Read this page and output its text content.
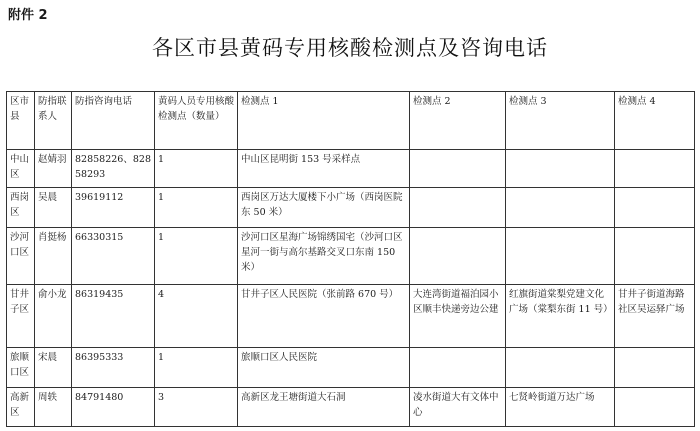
附件 2
各区市县黄码专用核酸检测点及咨询电话
区市县	防指联系人	防指咨询电话	黄码人员专用核酸检测点（数量）	检测点 1	检测点 2	检测点 3	检测点 4
中山区	赵婧羽	82858226、82858293	1	中山区昆明街 153 号采样点			
西岗区	吴晨	39619112	1	西岗区万达大厦楼下小广场（西岗医院东 50 米）			
沙河口区	肖挺杨	66330315	1	沙河口区星海广场锦绣国宅（沙河口区星河一街与高尔基路交叉口东南 150 米）			
甘井子区	俞小龙	86319435	4	甘井子区人民医院（张前路 670 号）	大连湾街道福泊园小区顺丰快递旁边公建	红旗街道棠梨党建文化广场（棠梨东街 11 号）	甘井子街道海路社区吴运驿广场
旅顺口区	宋晨	86395333	1	旅顺口区人民医院			
高新区	周轶	84791480	3	高新区龙王塘街道大石洞	凌水街道大有文体中心	七贤岭街道万达广场	
